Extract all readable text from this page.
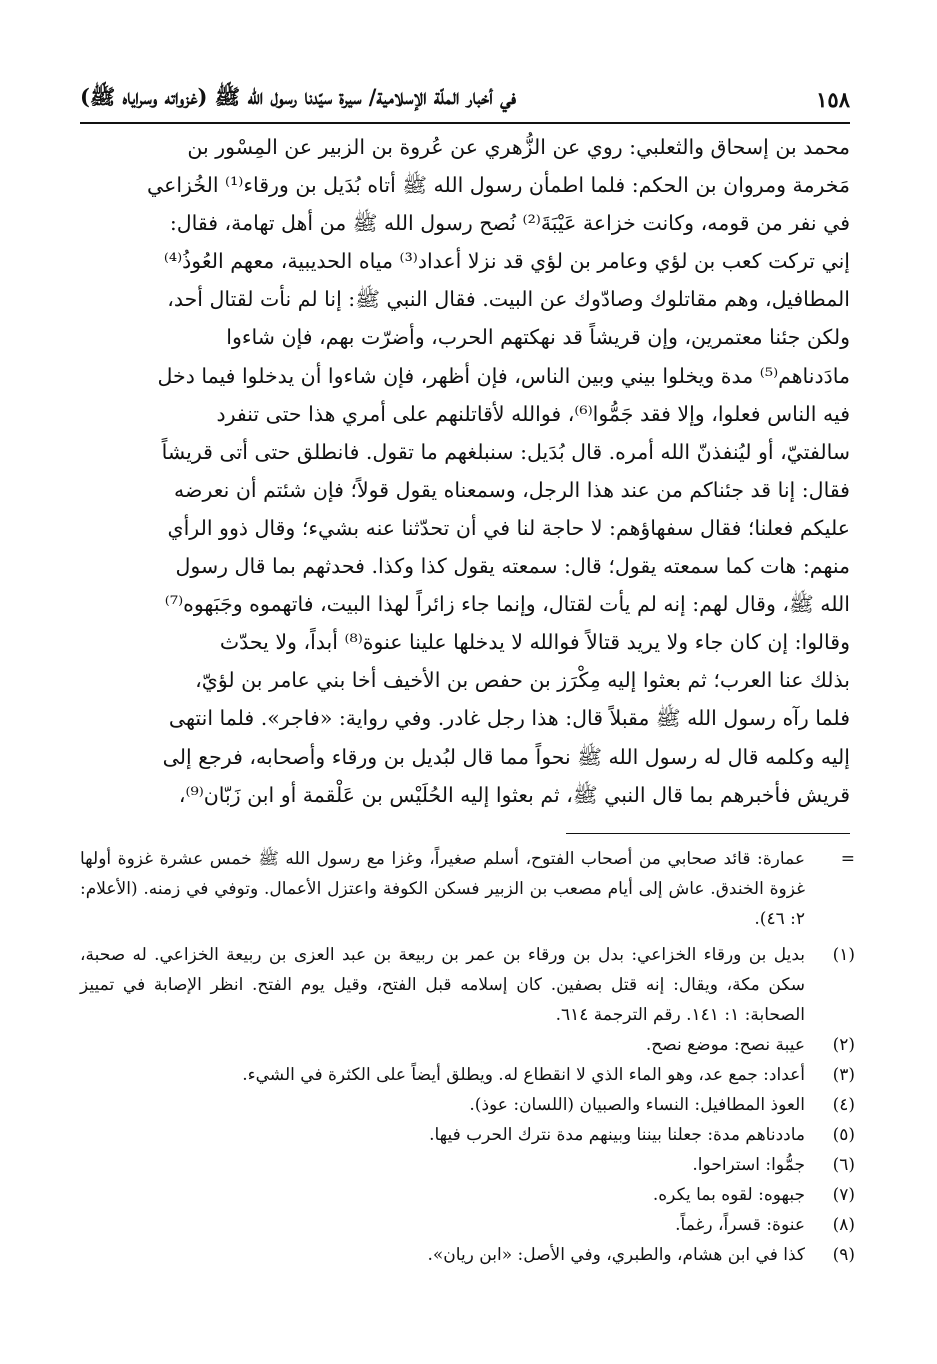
١٥٨
في أخبار الملّة الإسلامية/ سيرة سيّدنا رسول الله ﷺ (غزواته وسراياه ﷺ)

محمد بن إسحاق والثعلبي: روي عن الزُّهري عن عُروة بن الزبير عن المِسْور بن

مَخرمة ومروان بن الحكم: فلما اطمأن رسول الله ﷺ أتاه بُدَيل بن ورقاء⁽¹⁾ الخُزاعي

في نفر من قومه، وكانت خزاعة عَيْبَةَ⁽²⁾ نُصح رسول الله ﷺ من أهل تهامة، فقال:

إني تركت كعب بن لؤي وعامر بن لؤي قد نزلا أعداد⁽³⁾ مياه الحديبية، معهم العُوذُ⁽⁴⁾

المطافيل، وهم مقاتلوك وصادّوك عن البيت. فقال النبي ﷺ: إنا لم نأت لقتال أحد،

ولكن جئنا معتمرين، وإن قريشاً قد نهكتهم الحرب، وأضرّت بهم، فإن شاءوا

مادَدناهم⁽⁵⁾ مدة ويخلوا بيني وبين الناس، فإن أظهر، فإن شاءوا أن يدخلوا فيما دخل

فيه الناس فعلوا، وإلا فقد جَمُّوا⁽⁶⁾، فوالله لأقاتلنهم على أمري هذا حتى تنفرد

سالفتيّ، أو ليُنفذنّ الله أمره. قال بُدَيل: سنبلغهم ما تقول. فانطلق حتى أتى قريشاً

فقال: إنا قد جئناكم من عند هذا الرجل، وسمعناه يقول قولاً؛ فإن شئتم أن نعرضه

عليكم فعلنا؛ فقال سفهاؤهم: لا حاجة لنا في أن تحدّثنا عنه بشيء؛ وقال ذوو الرأي

منهم: هات كما سمعته يقول؛ قال: سمعته يقول كذا وكذا. فحدثهم بما قال رسول

الله ﷺ، وقال لهم: إنه لم يأت لقتال، وإنما جاء زائراً لهذا البيت، فاتهموه وجَبَهوه⁽⁷⁾

وقالوا: إن كان جاء ولا يريد قتالاً فوالله لا يدخلها علينا عنوة⁽⁸⁾ أبداً، ولا يحدّث

بذلك عنا العرب؛ ثم بعثوا إليه مِكْرَز بن حفص بن الأخيف أخا بني عامر بن لؤيّ،

فلما رآه رسول الله ﷺ مقبلاً قال: هذا رجل غادر. وفي رواية: «فاجر». فلما انتهى

إليه وكلمه قال له رسول الله ﷺ نحواً مما قال لبُديل بن ورقاء وأصحابه، فرجع إلى

قريش فأخبرهم بما قال النبي ﷺ، ثم بعثوا إليه الحُلَيْس بن عَلْقمة أو ابن زَبّان⁽⁹⁾،

=
عمارة: قائد صحابي من أصحاب الفتوح، أسلم صغيراً، وغزا مع رسول الله ﷺ خمس عشرة غزوة أولها غزوة الخندق. عاش إلى أيام مصعب بن الزبير فسكن الكوفة واعتزل الأعمال. وتوفي في زمنه. (الأعلام: ٢: ٤٦).
(١)
بديل بن ورقاء الخزاعي: بدل بن ورقاء بن عمر بن ربيعة بن عبد العزى بن ربيعة الخزاعي. له صحبة، سكن مكة، ويقال: إنه قتل بصفين. كان إسلامه قبل الفتح، وقيل يوم الفتح. انظر الإصابة في تمييز الصحابة: ١: ١٤١. رقم الترجمة ٦١٤.
(٢)
عيبة نصح: موضع نصح.
(٣)
أعداد: جمع عد، وهو الماء الذي لا انقطاع له. ويطلق أيضاً على الكثرة في الشيء.
(٤)
العوذ المطافيل: النساء والصبيان (اللسان: عوذ).
(٥)
ماددناهم مدة: جعلنا بيننا وبينهم مدة نترك الحرب فيها.
(٦)
جمُّوا: استراحوا.
(٧)
جبهوه: لقوه بما يكره.
(٨)
عنوة: قسراً، رغماً.
(٩)
كذا في ابن هشام، والطبري، وفي الأصل: «ابن ريان».
